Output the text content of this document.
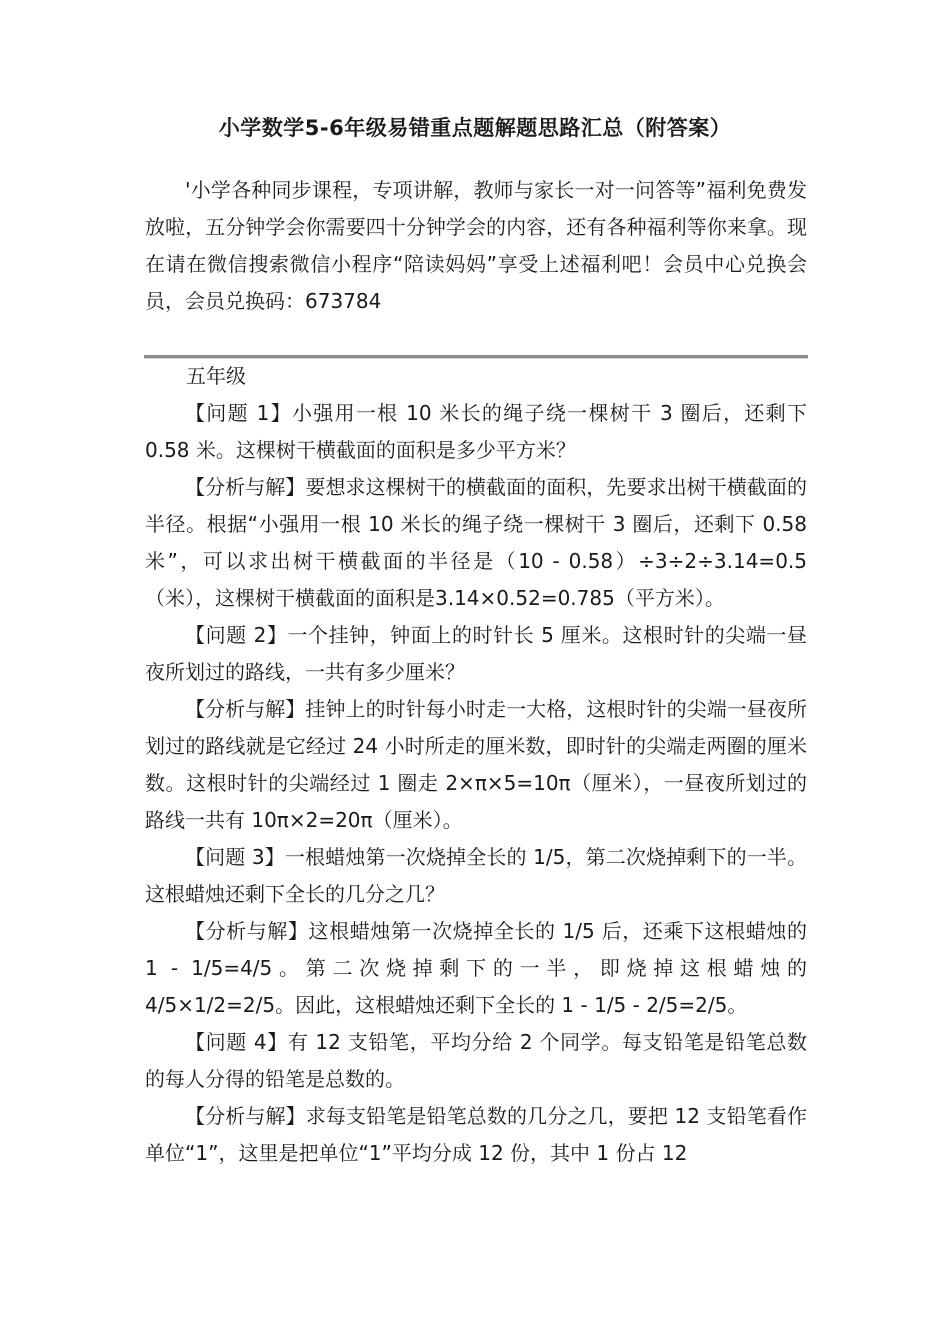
小学数学5-6年级易错重点题解题思路汇总（附答案）
'小学各种同步课程，专项讲解，教师与家长一对一问答等”福利免费发放啦，五分钟学会你需要四十分钟学会的内容，还有各种福利等你来拿。现在请在微信搜索微信小程序“陪读妈妈”享受上述福利吧！会员中心兑换会员，会员兑换码：673784
五年级

【问题 1】小强用一根 10 米长的绳子绕一棵树干 3 圈后，还剩下 0.58 米。这棵树干横截面的面积是多少平方米？

【分析与解】要想求这棵树干的横截面的面积，先要求出树干横截面的半径。根据“小强用一根 10 米长的绳子绕一棵树干 3 圈后，还剩下 0.58 米”，可以求出树干横截面的半径是（10 - 0.58）÷3÷2÷3.14=0.5（米），这棵树干横截面的面积是3.14×0.52=0.785（平方米）。

【问题 2】一个挂钟，钟面上的时针长 5 厘米。这根时针的尖端一昼夜所划过的路线，一共有多少厘米？

【分析与解】挂钟上的时针每小时走一大格，这根时针的尖端一昼夜所划过的路线就是它经过 24 小时所走的厘米数，即时针的尖端走两圈的厘米数。这根时针的尖端经过 1 圈走 2×π×5=10π（厘米），一昼夜所划过的路线一共有 10π×2=20π（厘米）。

【问题 3】一根蜡烛第一次烧掉全长的 1/5，第二次烧掉剩下的一半。这根蜡烛还剩下全长的几分之几？

【分析与解】这根蜡烛第一次烧掉全长的 1/5 后，还乘下这根蜡烛的 1 - 1/5=4/5。第二次烧掉剩下的一半，即烧掉这根蜡烛的4/5×1/2=2/5。因此，这根蜡烛还剩下全长的 1 - 1/5 - 2/5=2/5。

【问题 4】有 12 支铅笔，平均分给 2 个同学。每支铅笔是铅笔总数的每人分得的铅笔是总数的。

【分析与解】求每支铅笔是铅笔总数的几分之几，要把 12 支铅笔看作单位“1”，这里是把单位“1”平均分成 12 份，其中 1 份占 12
